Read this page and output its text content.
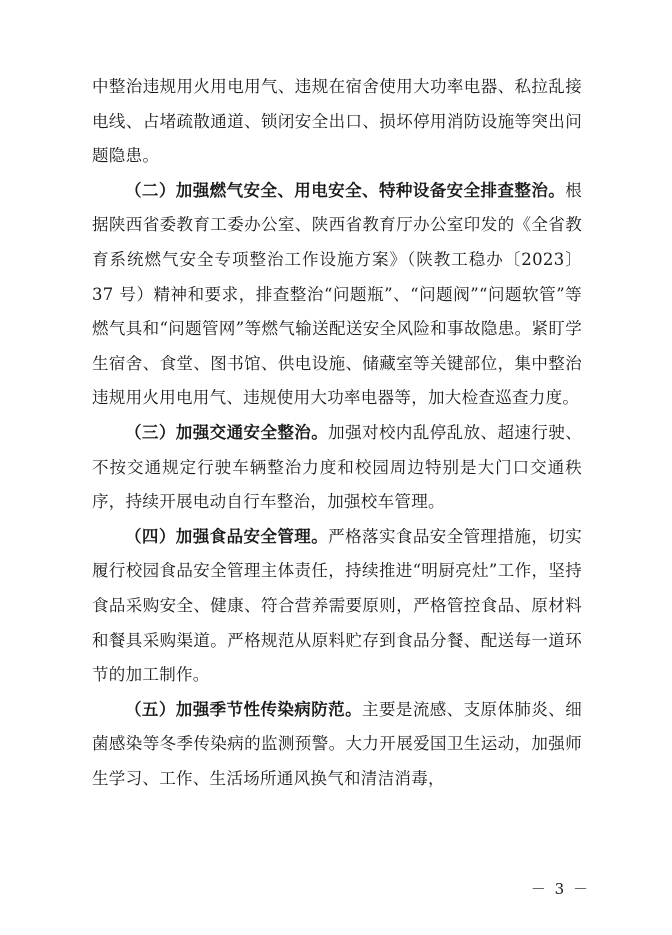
中整治违规用火用电用气、违规在宿舍使用大功率电器、私拉乱接电线、占堵疏散通道、锁闭安全出口、损坏停用消防设施等突出问题隐患。

（二）加强燃气安全、用电安全、特种设备安全排查整治。根据陕西省委教育工委办公室、陕西省教育厅办公室印发的《全省教育系统燃气安全专项整治工作设施方案》（陕教工稳办〔2023〕37 号）精神和要求，排查整治“问题瓶”、“问题阀”“问题软管”等燃气具和“问题管网”等燃气输送配送安全风险和事故隐患。紧盯学生宿舍、食堂、图书馆、供电设施、储藏室等关键部位，集中整治违规用火用电用气、违规使用大功率电器等，加大检查巡查力度。

（三）加强交通安全整治。加强对校内乱停乱放、超速行驶、不按交通规定行驶车辆整治力度和校园周边特别是大门口交通秩序，持续开展电动自行车整治，加强校车管理。

（四）加强食品安全管理。严格落实食品安全管理措施，切实履行校园食品安全管理主体责任，持续推进“明厨亮灶”工作，坚持食品采购安全、健康、符合营养需要原则，严格管控食品、原材料和餐具采购渠道。严格规范从原料贮存到食品分餐、配送每一道环节的加工制作。

（五）加强季节性传染病防范。主要是流感、支原体肺炎、细菌感染等冬季传染病的监测预警。大力开展爱国卫生运动，加强师生学习、工作、生活场所通风换气和清洁消毒，

－ 3 －
